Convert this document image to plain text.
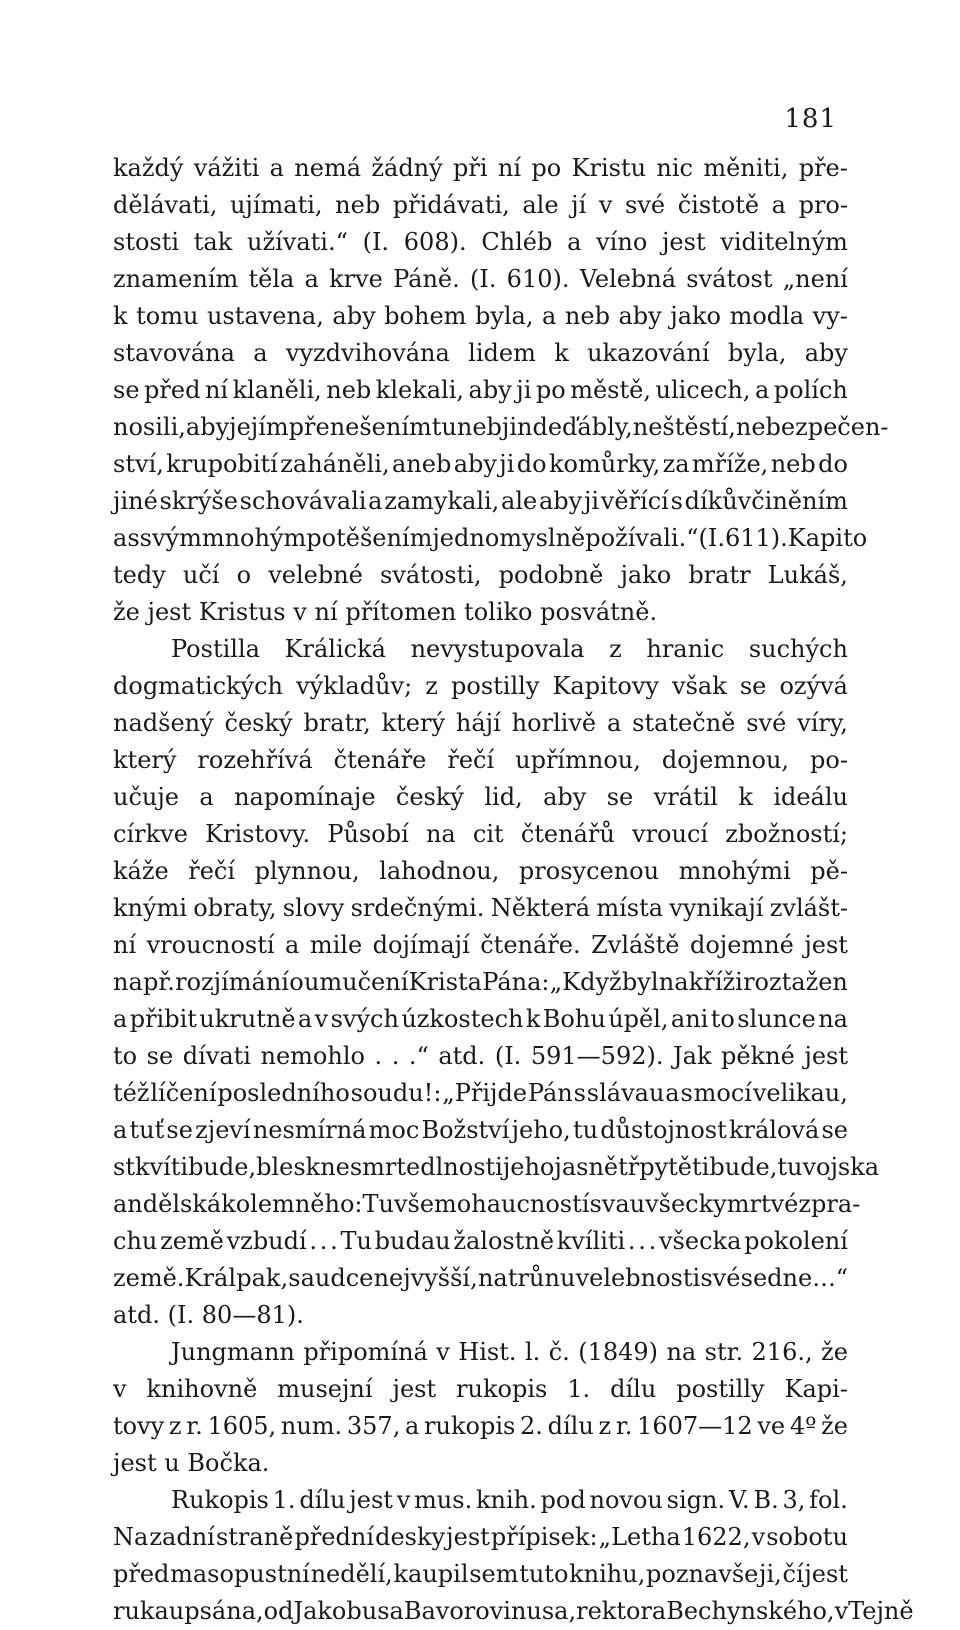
181
každý vážiti a nemá žádný při ní po Kristu nic měniti, pře-
dělávati, ujímati, neb přidávati, ale jí v své čistotě a pro-
stosti tak užívati.“ (I. 608). Chléb a víno jest viditelným
znamením těla a krve Páně. (I. 610). Velebná svátost „není
k tomu ustavena, aby bohem byla, a neb aby jako modla vy-
stavována a vyzdvihována lidem k ukazování byla, aby
se před ní klaněli, neb klekali, aby ji po městě, ulicech, a polích
nosili, aby jejím přenešením tu neb jinde ďábly, neštěstí, nebezpečen-
ství, krupobití zaháněli, aneb aby ji do komůrky, za mříže, neb do
jiné skrýše schovávali a zamykali, ale aby ji věřící s díkůvčiněním
a s svým mnohým potěšením jednomyslně požívali.“ (I. 611). Kapito
tedy učí o velebné svátosti, podobně jako bratr Lukáš,
že jest Kristus v ní přítomen toliko posvátně.
Postilla Králická nevystupovala z hranic suchých
dogmatických výkladův; z postilly Kapitovy však se ozývá
nadšený český bratr, který hájí horlivě a statečně své víry,
který rozehřívá čtenáře řečí upřímnou, dojemnou, po-
učuje a napomínaje český lid, aby se vrátil k ideálu
církve Kristovy. Působí na cit čtenářů vroucí zbožností;
káže řečí plynnou, lahodnou, prosycenou mnohými pě-
knými obraty, slovy srdečnými. Některá místa vynikají zvlášt-
ní vroucností a mile dojímají čtenáře. Zvláště dojemné jest
na př. rozjímání o umučení Krista Pána: „Když byl na kříži roztažen
a přibit ukrutně a v svých úzkostech k Bohu úpěl, ani to slunce na
to se dívati nemohlo . . .“ atd. (I. 591—592). Jak pěkné jest
též líčení posledního soudu!: „Přijde Pán s slávau a s mocí velikau,
a tuť se zjeví nesmírná moc Božství jeho, tu důstojnost králová se
stkvíti bude, blesk nesmrtedlnosti jeho jasně třpytěti bude, tu vojska
andělská kolem něho: Tu všemohaucností svau všecky mrtvé z pra-
chu země vzbudí . . . Tu budau žalostně kvíliti . . . všecka pokolení
země. Král pak, saudce nejvyšší, na trůnu velebnosti své sedne . . .“
atd. (I. 80—81).
Jungmann připomíná v Hist. l. č. (1849) na str. 216., že
v knihovně musejní jest rukopis 1. dílu postilly Kapi-
tovy z r. 1605, num. 357, a rukopis 2. dílu z r. 1607—12 ve 4º že
jest u Bočka.
Rukopis 1. dílu jest v mus. knih. pod novou sign. V. B. 3, fol.
Na zadní straně přední desky jest přípisek: „Letha 1622, v sobotu
před masopustní nedělí, kaupil sem tuto knihu, poznavše ji, čí jest
rukau psána, od Jakobusa Bavorovinusa, rektora Bechynského, v Tejně
